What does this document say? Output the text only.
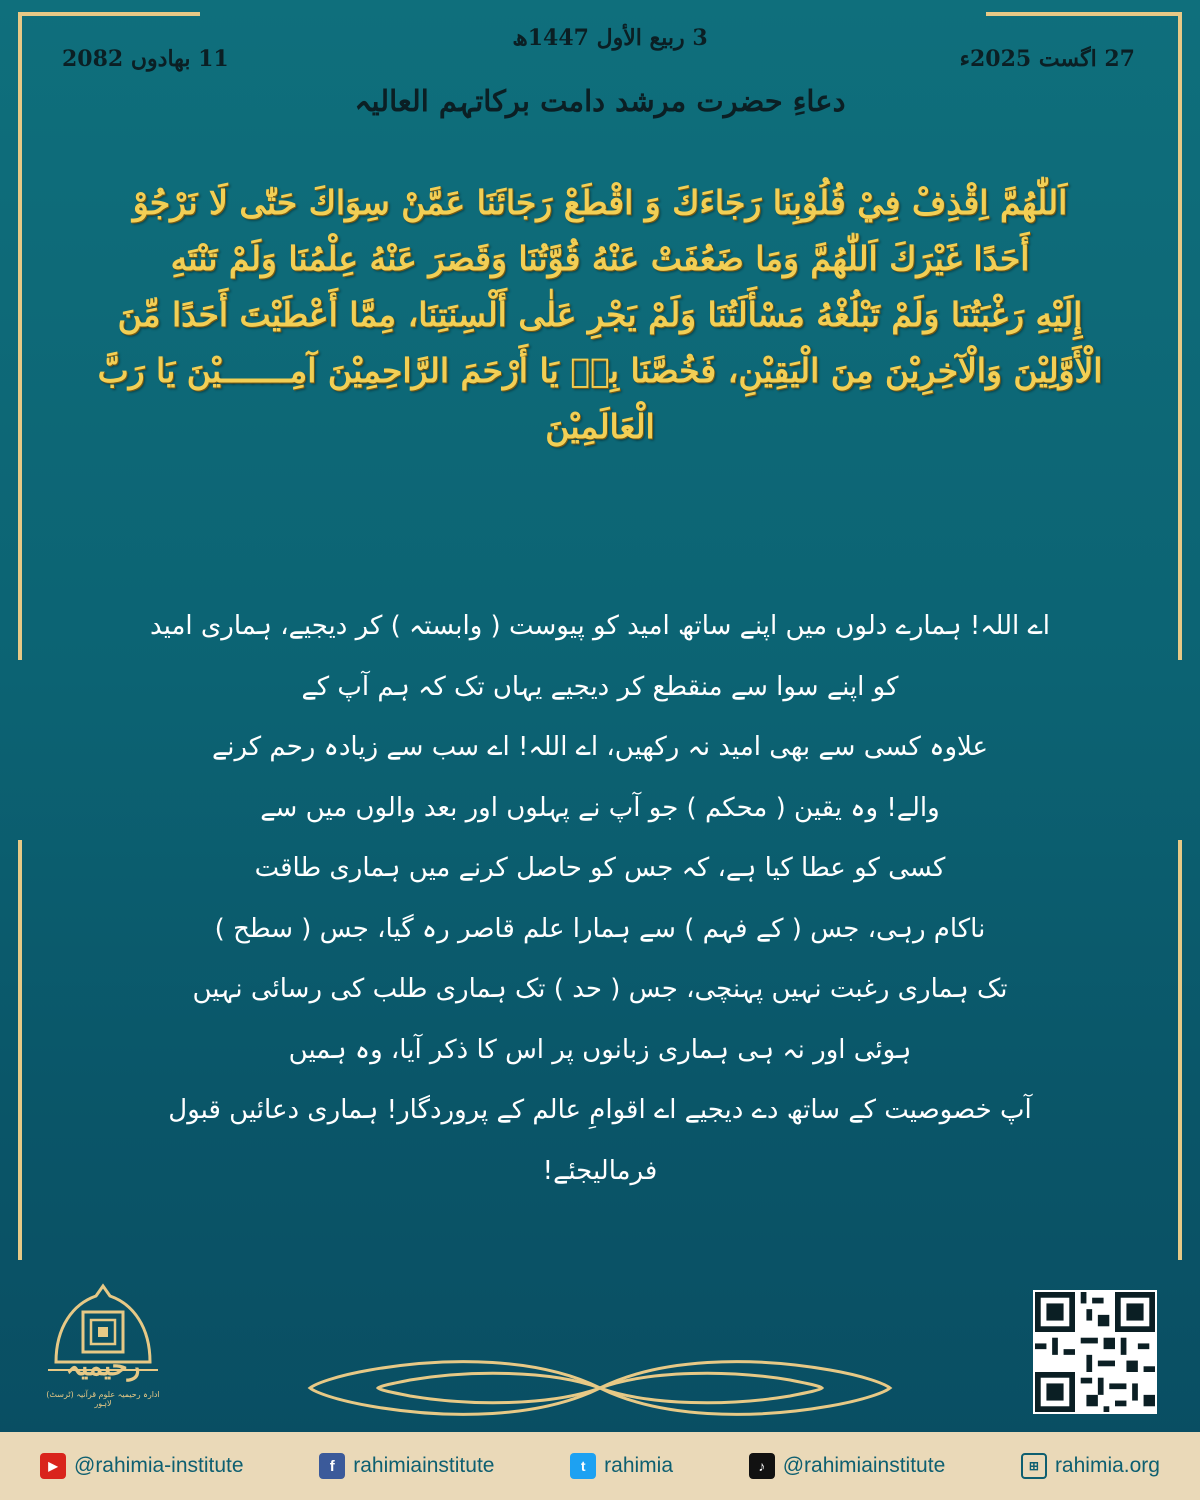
3 ربیع الأول 1447ھ
11 بھادوں 2082	27 اگست 2025ء
دعاءِ حضرت مرشد دامت برکاتہم العالیہ
اَللّٰهُمَّ اِقْذِفْ فِيْ قُلُوْبِنَا رَجَاءَكَ وَ اقْطَعْ رَجَائَنَا عَمَّنْ سِوَاكَ حَتّٰى لَا نَرْجُوْ
أَحَدًا غَيْرَكَ اَللّٰهُمَّ وَمَا ضَعُفَتْ عَنْهُ قُوَّتُنَا وَقَصَرَ عَنْهُ عِلْمُنَا وَلَمْ تَنْتَهِ
إِلَيْهِ رَغْبَتُنَا وَلَمْ تَبْلُغْهُ مَسْأَلَتُنَا وَلَمْ يَجْرِ عَلٰى أَلْسِنَتِنَا، مِمَّا أَعْطَيْتَ أَحَدًا مِّنَ
الْأَوَّلِيْنَ وَالْآخِرِيْنَ مِنَ الْيَقِيْنِ، فَخُصَّنَا بِهٖ يَا أَرْحَمَ الرَّاحِمِيْنَ آمِـــــــيْنَ يَا رَبَّ
الْعَالَمِيْنَ
اے اللہ! ہمارے دلوں میں اپنے ساتھ امید کو پیوست ( وابستہ ) کر دیجیے، ہماری امید
کو اپنے سوا سے منقطع کر دیجیے یہاں تک کہ ہم آپ کے
علاوہ کسی سے بھی امید نہ رکھیں، اے اللہ! اے سب سے زیادہ رحم کرنے
والے! وہ یقین ( محکم ) جو آپ نے پہلوں اور بعد والوں میں سے
کسی کو عطا کیا ہے، کہ جس کو حاصل کرنے میں ہماری طاقت
ناکام رہی، جس ( کے فہم ) سے ہمارا علم قاصر رہ گیا، جس ( سطح )
تک ہماری رغبت نہیں پہنچی، جس ( حد ) تک ہماری طلب کی رسائی نہیں
ہوئی اور نہ ہی ہماری زبانوں پر اس کا ذکر آیا، وہ ہمیں
آپ خصوصیت کے ساتھ دے دیجیے اے اقوامِ عالم کے پروردگار! ہماری دعائیں قبول
فرمالیجئے!
رحیمیہ
ادارہ رحیمیہ علوم قرآنیہ (ٹرسٹ) لاہور
▶ @rahimia-institute	f rahimiainstitute	t rahimia	♪ @rahimiainstitute	⊞ rahimia.org
